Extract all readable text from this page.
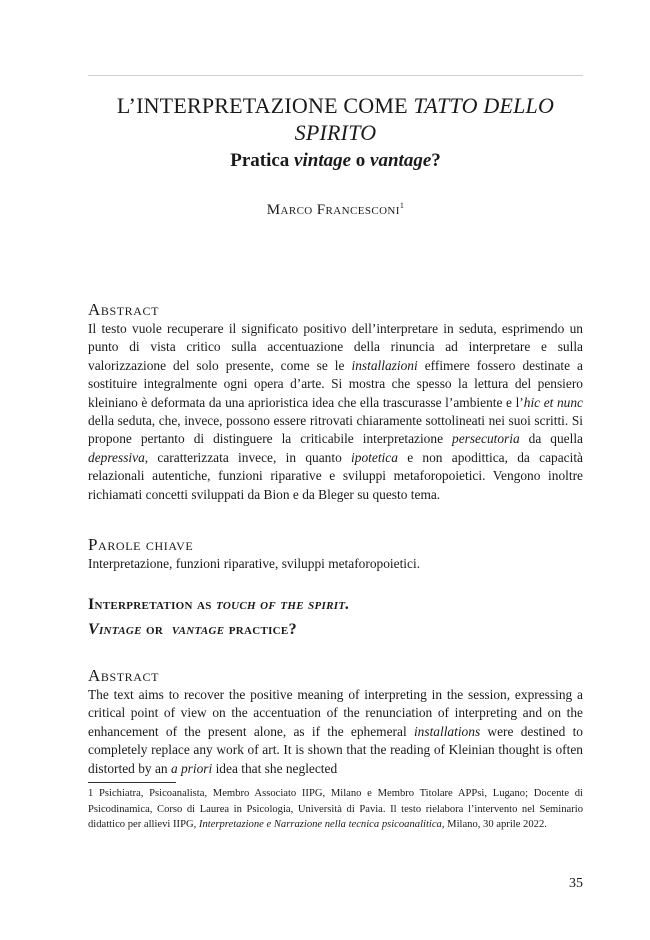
L’INTERPRETAZIONE COME TATTO DELLO SPIRITO
Pratica vintage o vantage?
Marco Francesconi$^1$
Abstract
Il testo vuole recuperare il significato positivo dell’interpretare in seduta, esprimendo un punto di vista critico sulla accentuazione della rinuncia ad interpretare e sulla valorizzazione del solo presente, come se le installazioni effimere fossero destinate a sostituire integralmente ogni opera d’arte. Si mostra che spesso la lettura del pensiero kleiniano è deformata da una aprioristica idea che ella trascurasse l’ambiente e l’hic et nunc della seduta, che, invece, possono essere ritrovati chiaramente sottolineati nei suoi scritti. Si propone pertanto di distinguere la criticabile interpretazione persecutoria da quella depressiva, caratterizzata invece, in quanto ipotetica e non apodittica, da capacità relazionali autentiche, funzioni riparative e sviluppi metaforopoietici. Vengono inoltre richiamati concetti sviluppati da Bion e da Bleger su questo tema.
Parole chiave
Interpretazione, funzioni riparative, sviluppi metaforopoietici.
Interpretation as touch of the spirit.
Vintage or vantage practice?
Abstract
The text aims to recover the positive meaning of interpreting in the session, expressing a critical point of view on the accentuation of the renunciation of interpreting and on the enhancement of the present alone, as if the ephemeral installations were destined to completely replace any work of art. It is shown that the reading of Kleinian thought is often distorted by an a priori idea that she neglected
1 Psichiatra, Psicoanalista, Membro Associato IIPG, Milano e Membro Titolare APPsi, Lugano; Docente di Psicodinamica, Corso di Laurea in Psicologia, Università di Pavia. Il testo rielabora l’intervento nel Seminario didattico per allievi IIPG, Interpretazione e Narrazione nella tecnica psicoanalitica, Milano, 30 aprile 2022.
35
